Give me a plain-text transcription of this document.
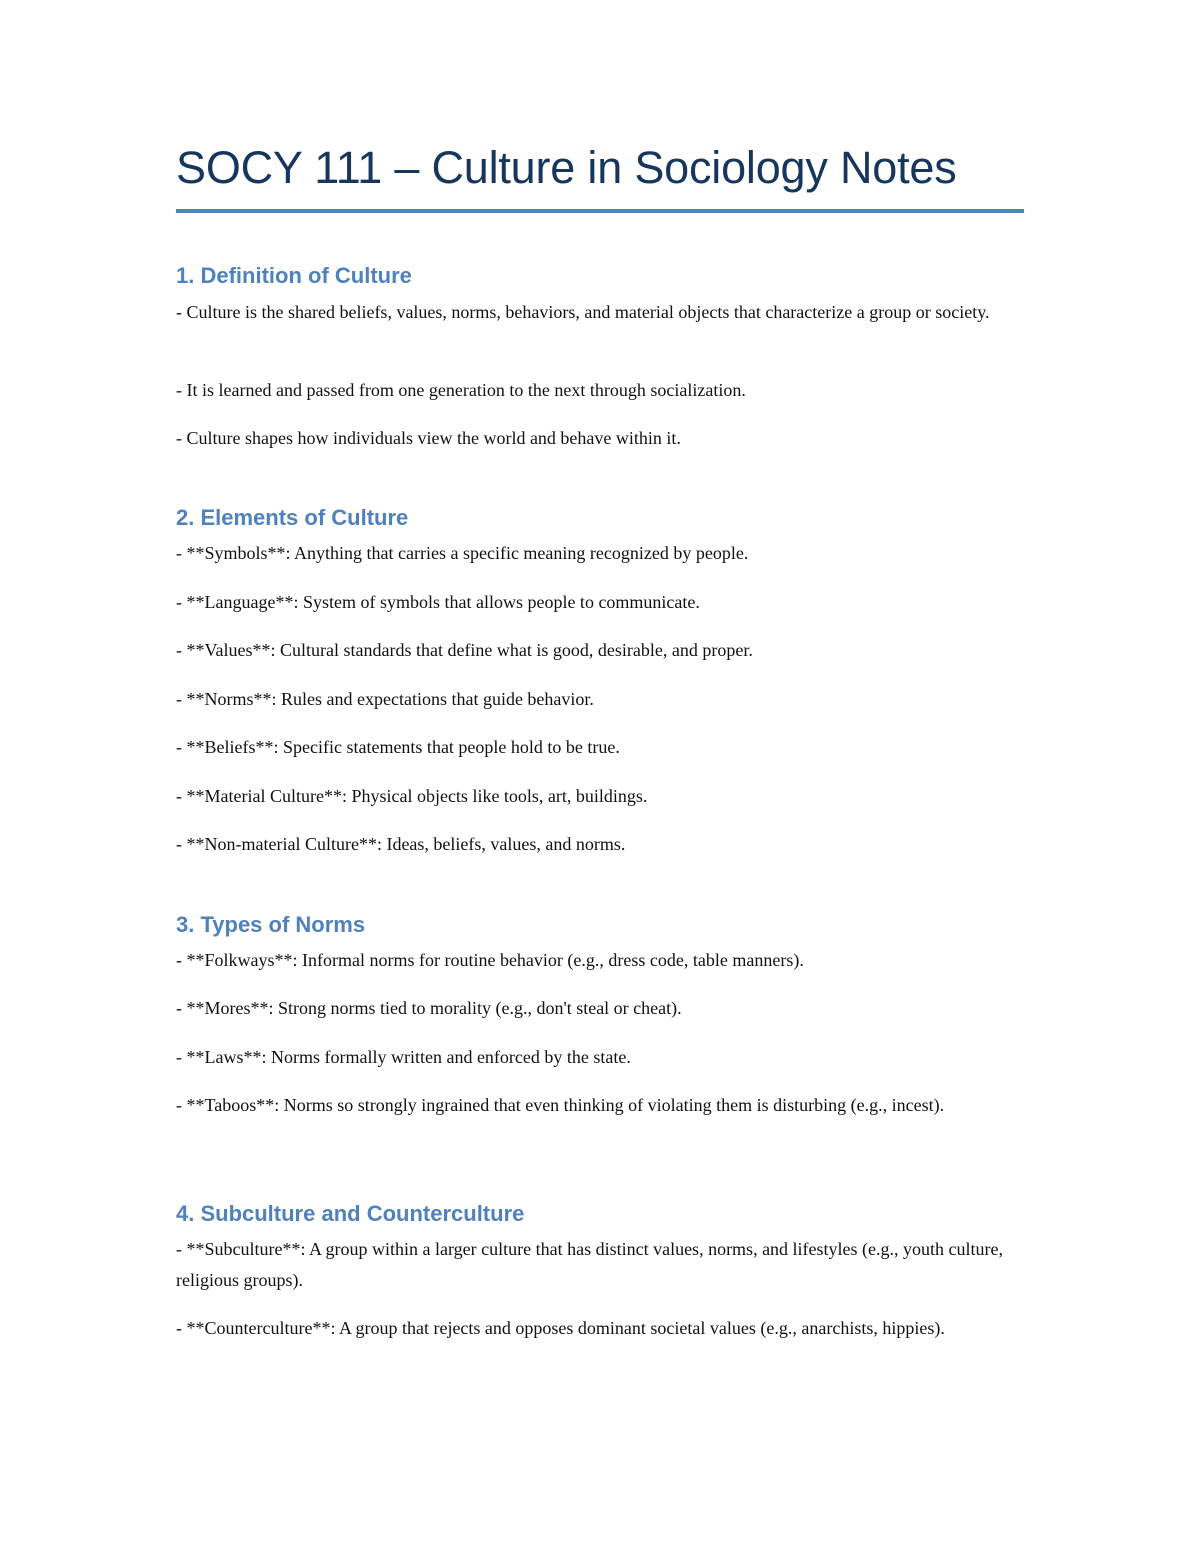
SOCY 111 – Culture in Sociology Notes
1. Definition of Culture

- Culture is the shared beliefs, values, norms, behaviors, and material objects that characterize a group or society.

- It is learned and passed from one generation to the next through socialization.

- Culture shapes how individuals view the world and behave within it.

2. Elements of Culture

- **Symbols**: Anything that carries a specific meaning recognized by people.

- **Language**: System of symbols that allows people to communicate.

- **Values**: Cultural standards that define what is good, desirable, and proper.

- **Norms**: Rules and expectations that guide behavior.

- **Beliefs**: Specific statements that people hold to be true.

- **Material Culture**: Physical objects like tools, art, buildings.

- **Non-material Culture**: Ideas, beliefs, values, and norms.

3. Types of Norms

- **Folkways**: Informal norms for routine behavior (e.g., dress code, table manners).

- **Mores**: Strong norms tied to morality (e.g., don't steal or cheat).

- **Laws**: Norms formally written and enforced by the state.

- **Taboos**: Norms so strongly ingrained that even thinking of violating them is disturbing (e.g., incest).

4. Subculture and Counterculture

- **Subculture**: A group within a larger culture that has distinct values, norms, and lifestyles (e.g., youth culture, religious groups).

- **Counterculture**: A group that rejects and opposes dominant societal values (e.g., anarchists, hippies).
